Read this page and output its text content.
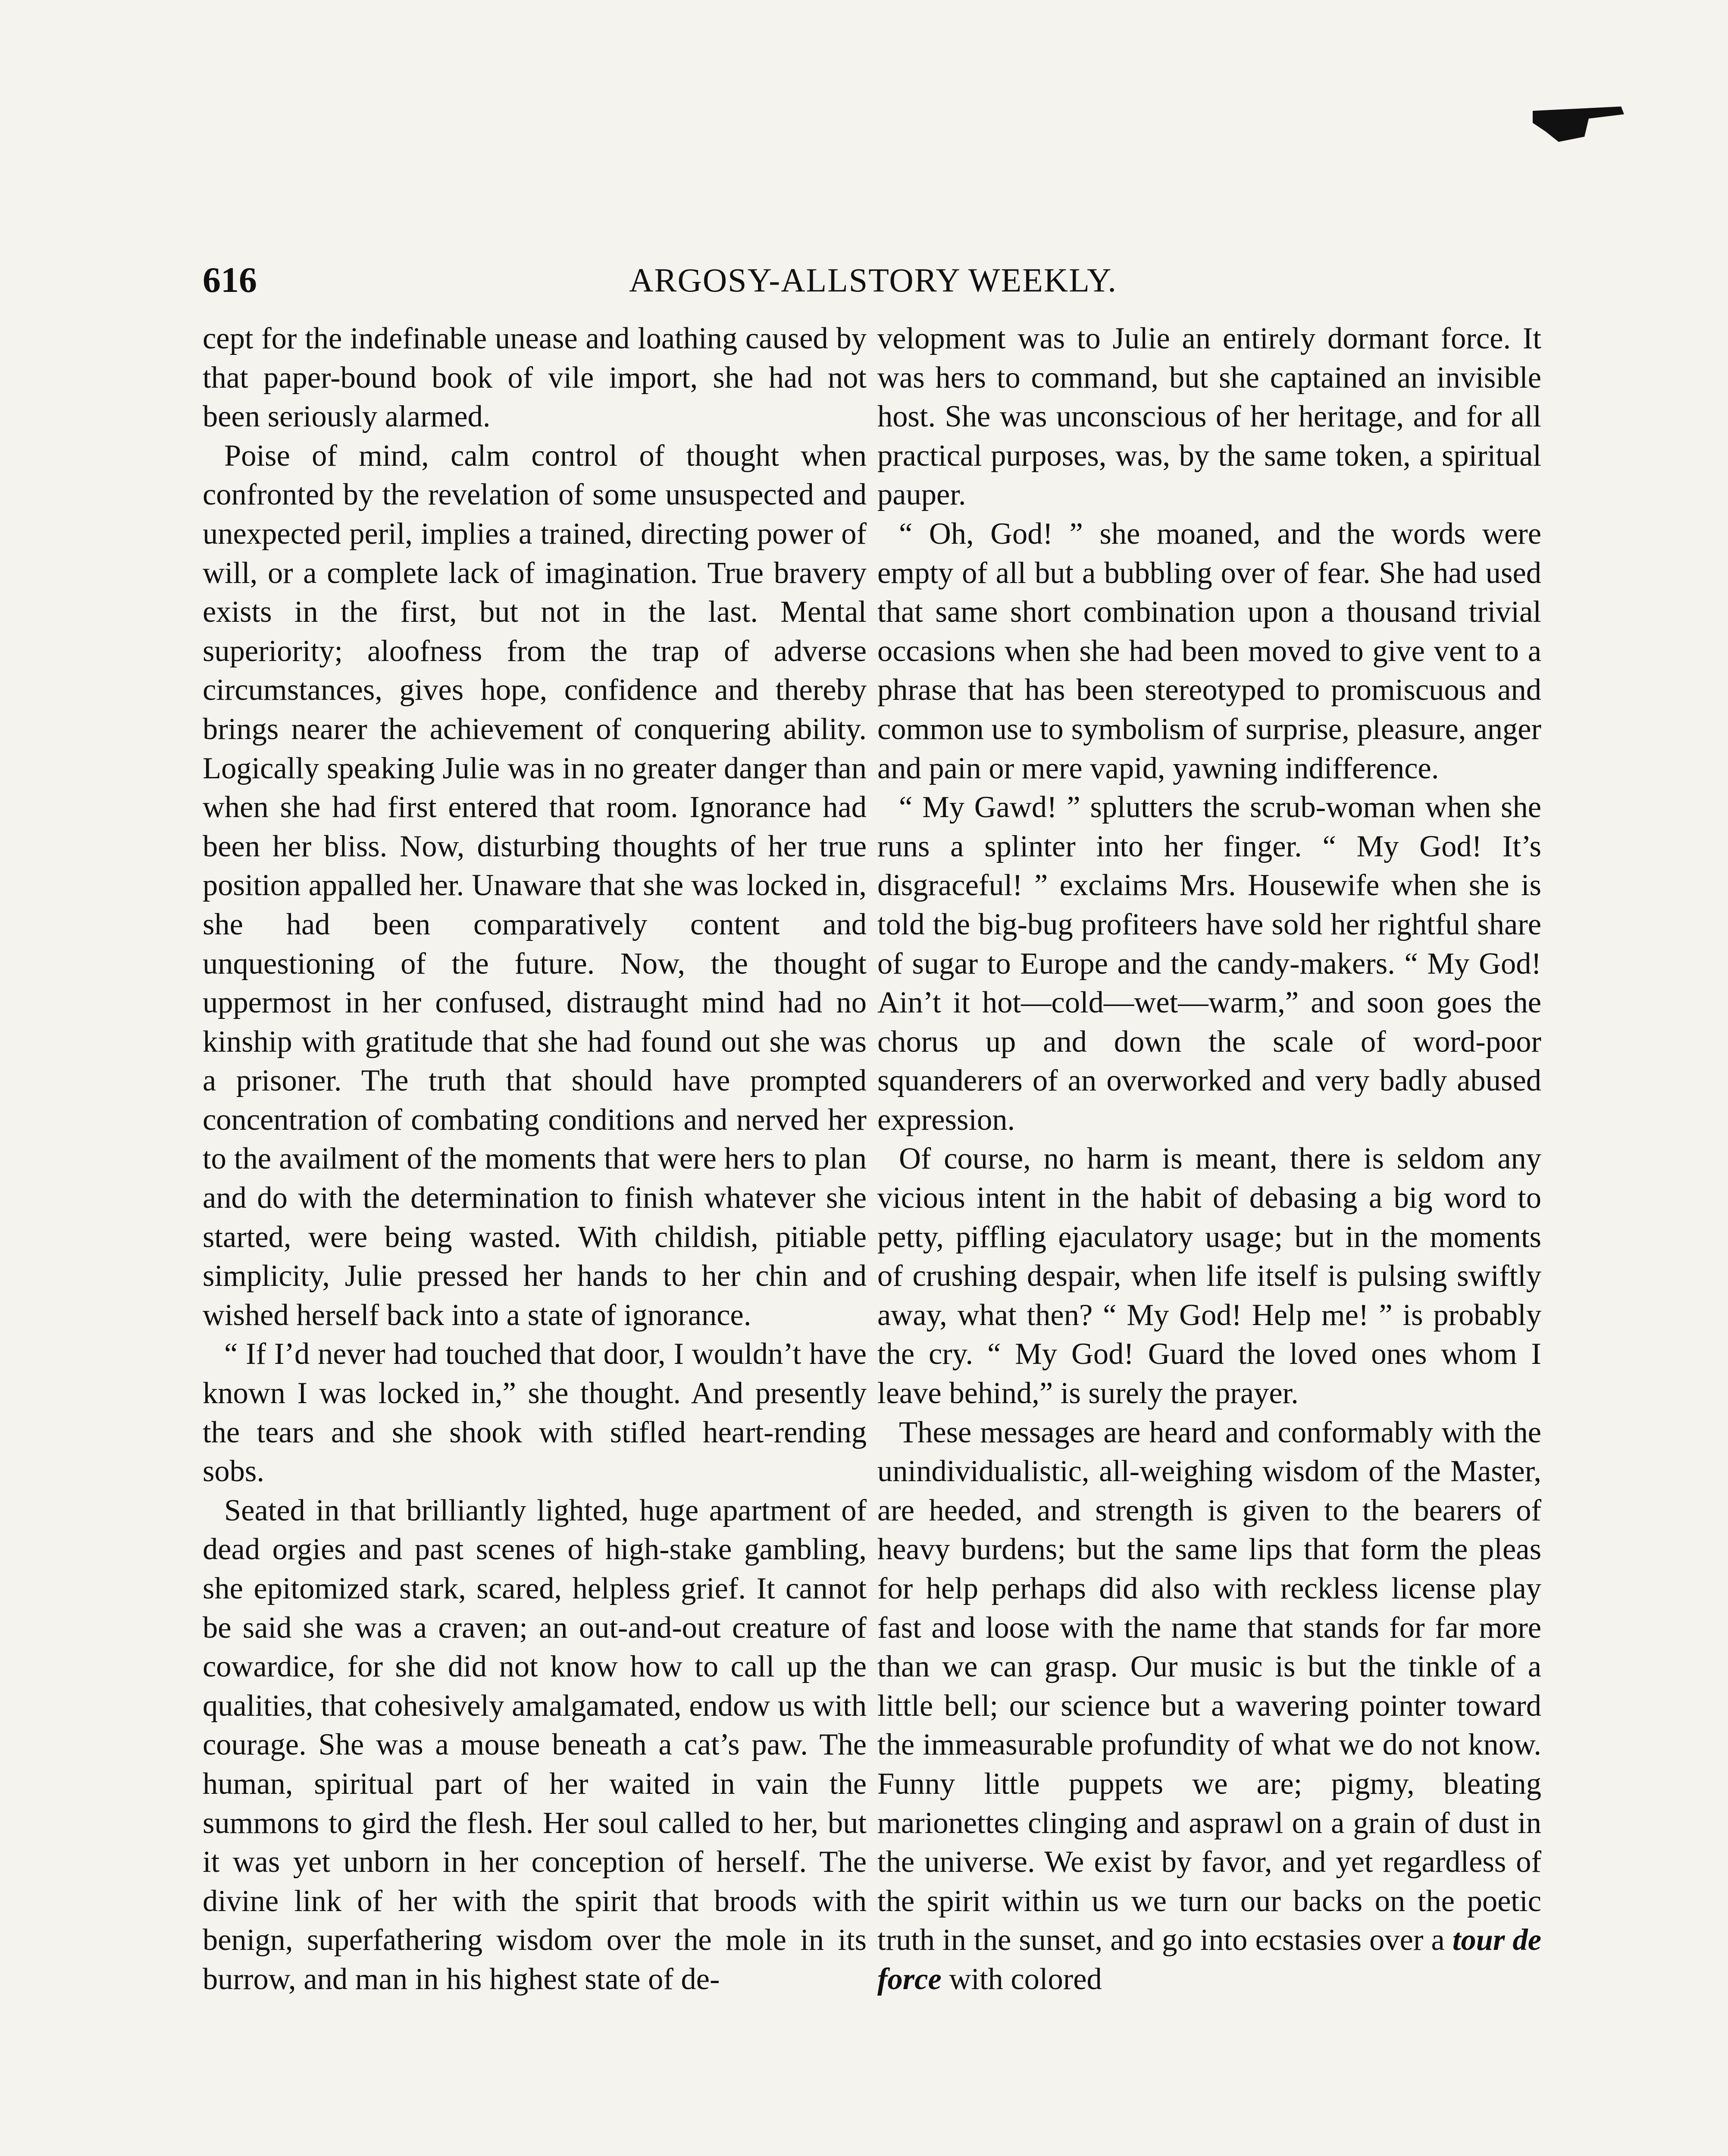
616	ARGOSY-ALLSTORY WEEKLY.

cept for the indefinable unease and loathing caused by that paper-bound book of vile import, she had not been seriously alarmed.

Poise of mind, calm control of thought when confronted by the revelation of some unsuspected and unexpected peril, implies a trained, directing power of will, or a complete lack of imagination. True bravery exists in the first, but not in the last. Mental superiority; aloofness from the trap of adverse circumstances, gives hope, confidence and thereby brings nearer the achievement of conquering ability. Logically speaking Julie was in no greater danger than when she had first entered that room. Ignorance had been her bliss. Now, disturbing thoughts of her true position appalled her. Unaware that she was locked in, she had been comparatively content and unquestioning of the future. Now, the thought uppermost in her confused, distraught mind had no kinship with gratitude that she had found out she was a prisoner. The truth that should have prompted concentration of combating conditions and nerved her to the availment of the moments that were hers to plan and do with the determination to finish whatever she started, were being wasted. With childish, pitiable simplicity, Julie pressed her hands to her chin and wished herself back into a state of ignorance.

“ If I’d never had touched that door, I wouldn’t have known I was locked in,” she thought. And presently the tears and she shook with stifled heart-rending sobs.

Seated in that brilliantly lighted, huge apartment of dead orgies and past scenes of high-stake gambling, she epitomized stark, scared, helpless grief. It cannot be said she was a craven; an out-and-out creature of cowardice, for she did not know how to call up the qualities, that cohesively amalgamated, endow us with courage. She was a mouse beneath a cat’s paw. The human, spiritual part of her waited in vain the summons to gird the flesh. Her soul called to her, but it was yet unborn in her conception of herself. The divine link of her with the spirit that broods with benign, superfathering wisdom over the mole in its burrow, and man in his highest state of de-

velopment was to Julie an entirely dormant force. It was hers to command, but she captained an invisible host. She was unconscious of her heritage, and for all practical purposes, was, by the same token, a spiritual pauper.

“ Oh, God! ” she moaned, and the words were empty of all but a bubbling over of fear. She had used that same short combination upon a thousand trivial occasions when she had been moved to give vent to a phrase that has been stereotyped to promiscuous and common use to symbolism of surprise, pleasure, anger and pain or mere vapid, yawning indifference.

“ My Gawd! ” splutters the scrub-woman when she runs a splinter into her finger. “ My God! It’s disgraceful! ” exclaims Mrs. Housewife when she is told the big-bug profiteers have sold her rightful share of sugar to Europe and the candy-makers. “ My God! Ain’t it hot—cold—wet—warm,” and soon goes the chorus up and down the scale of word-poor squanderers of an overworked and very badly abused expression.

Of course, no harm is meant, there is seldom any vicious intent in the habit of debasing a big word to petty, piffling ejaculatory usage; but in the moments of crushing despair, when life itself is pulsing swiftly away, what then? “ My God! Help me! ” is probably the cry. “ My God! Guard the loved ones whom I leave behind,” is surely the prayer.

These messages are heard and conformably with the unindividualistic, all-weighing wisdom of the Master, are heeded, and strength is given to the bearers of heavy burdens; but the same lips that form the pleas for help perhaps did also with reckless license play fast and loose with the name that stands for far more than we can grasp. Our music is but the tinkle of a little bell; our science but a wavering pointer toward the immeasurable profundity of what we do not know. Funny little puppets we are; pigmy, bleating marionettes clinging and asprawl on a grain of dust in the universe. We exist by favor, and yet regardless of the spirit within us we turn our backs on the poetic truth in the sunset, and go into ecstasies over a tour de force with colored
